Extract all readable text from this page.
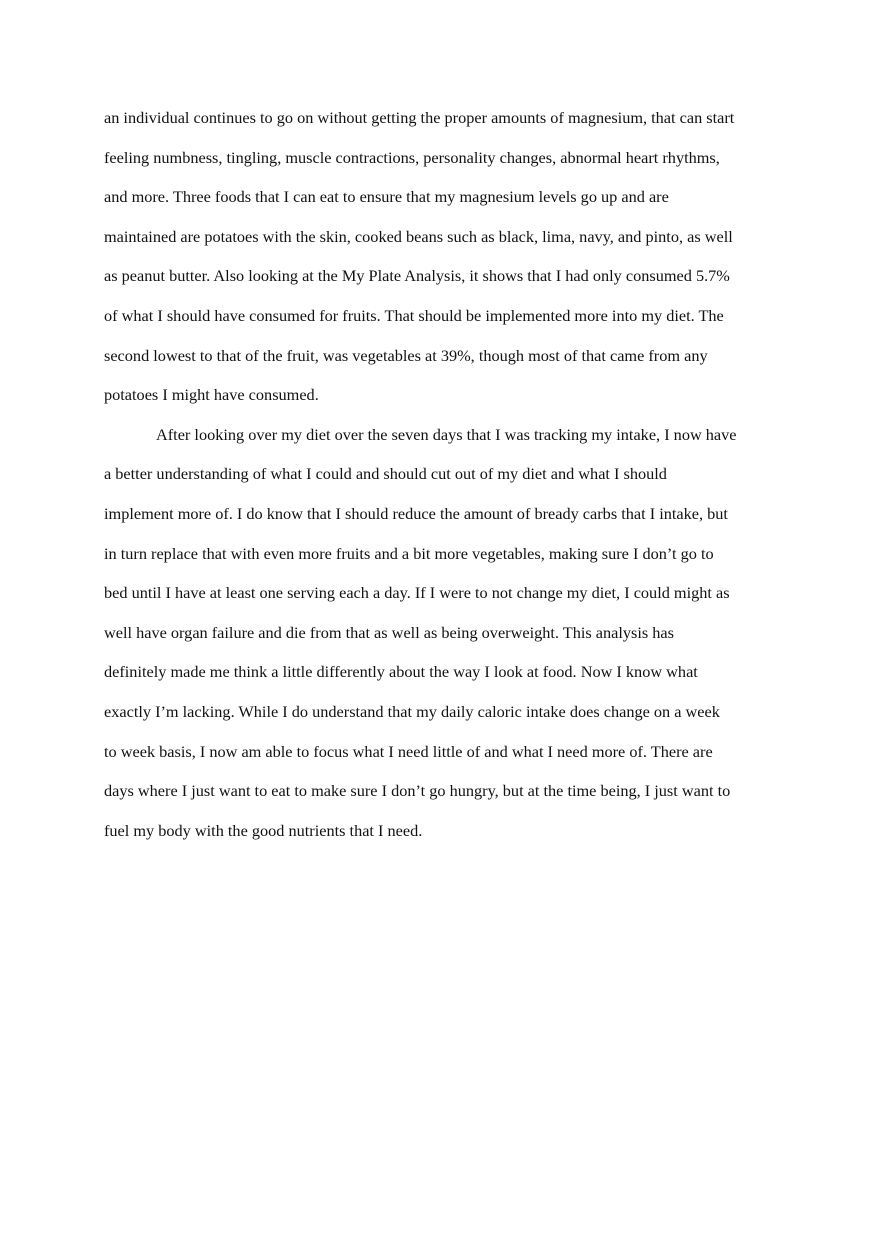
an individual continues to go on without getting the proper amounts of magnesium, that can start
feeling numbness, tingling, muscle contractions, personality changes, abnormal heart rhythms,
and more. Three foods that I can eat to ensure that my magnesium levels go up and are
maintained are potatoes with the skin, cooked beans such as black, lima, navy, and pinto, as well
as peanut butter. Also looking at the My Plate Analysis, it shows that I had only consumed 5.7%
of what I should have consumed for fruits. That should be implemented more into my diet. The
second lowest to that of the fruit, was vegetables at 39%, though most of that came from any
potatoes I might have consumed.
After looking over my diet over the seven days that I was tracking my intake, I now have
a better understanding of what I could and should cut out of my diet and what I should
implement more of. I do know that I should reduce the amount of bready carbs that I intake, but
in turn replace that with even more fruits and a bit more vegetables, making sure I don’t go to
bed until I have at least one serving each a day. If I were to not change my diet, I could might as
well have organ failure and die from that as well as being overweight. This analysis has
definitely made me think a little differently about the way I look at food. Now I know what
exactly I’m lacking. While I do understand that my daily caloric intake does change on a week
to week basis, I now am able to focus what I need little of and what I need more of. There are
days where I just want to eat to make sure I don’t go hungry, but at the time being, I just want to
fuel my body with the good nutrients that I need.
